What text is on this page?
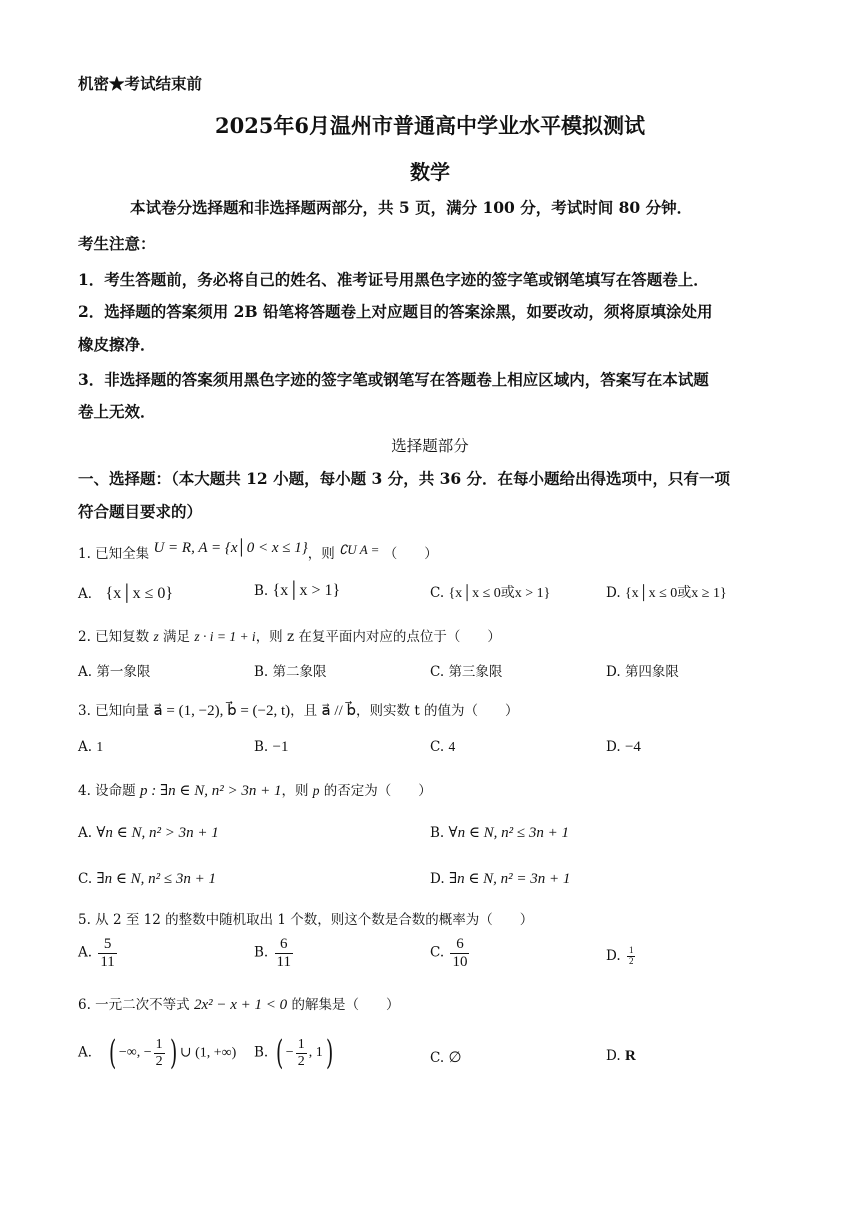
机密★考试结束前
2025年6月温州市普通高中学业水平模拟测试
数学
本试卷分选择题和非选择题两部分，共 5 页，满分 100 分，考试时间 80 分钟．
考生注意：
1．考生答题前，务必将自己的姓名、准考证号用黑色字迹的签字笔或钢笔填写在答题卷上．
2．选择题的答案须用 2B 铅笔将答题卷上对应题目的答案涂黑，如要改动，须将原填涂处用
橡皮擦净．
3．非选择题的答案须用黑色字迹的签字笔或钢笔写在答题卷上相应区域内，答案写在本试题
卷上无效．
选择题部分
一、选择题：（本大题共 12 小题，每小题 3 分，共 36 分．在每小题给出得选项中，只有一项
符合题目要求的）
1. 已知全集 U = R, A = {x│0 < x ≤ 1}，则 ∁U A = （　　）
A． {x│x ≤ 0}	B. {x│x > 1}	C. {x│x ≤ 0或x > 1}	D. {x│x ≤ 0或x ≥ 1}
2. 已知复数 z 满足 z · i = 1 + i，则 z 在复平面内对应的点位于（　　）
A. 第一象限	B. 第二象限	C. 第三象限	D. 第四象限
3. 已知向量 a⃗ = (1, −2), b⃗ = (−2, t)，且 a⃗ // b⃗，则实数 t 的值为（　　）
A. 1	B. −1	C. 4	D. −4
4. 设命题 p : ∃n ∈ N, n² > 3n + 1，则 p 的否定为（　　）
A. ∀n ∈ N, n² > 3n + 1	B. ∀n ∈ N, n² ≤ 3n + 1
C. ∃n ∈ N, n² ≤ 3n + 1	D. ∃n ∈ N, n² = 3n + 1
5. 从 2 至 12 的整数中随机取出 1 个数，则这个数是合数的概率为（　　）
A. $\frac{5}{11}$	B. $\frac{6}{11}$	C. $\frac{6}{10}$	D. $\frac{1}{2}$
6. 一元二次不等式 2x² − x + 1 < 0 的解集是（　　）
A． ( −∞, − $\frac{1}{2}$ ) ∪ (1, +∞) B. ( − $\frac{1}{2}$ , 1)	C. ∅	D. R
